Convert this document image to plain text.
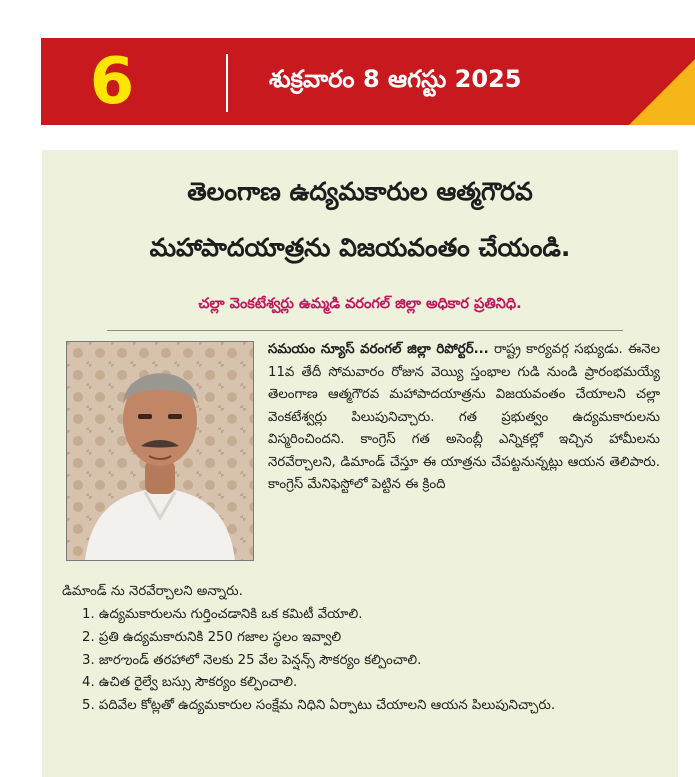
6	శుక్రవారం 8 ఆగస్టు 2025
తెలంగాణ ఉద్యమకారుల ఆత్మగౌరవ
మహాపాదయాత్రను విజయవంతం చేయండి.
చల్లా వెంకటేశ్వర్లు ఉమ్మడి వరంగల్ జిల్లా అధికార ప్రతినిధి.
సమయం న్యూస్ వరంగల్ జిల్లా రిపోర్టర్... రాష్ట్ర కార్యవర్గ సభ్యుడు. ఈనెల 11వ తేదీ సోమవారం రోజున వెయ్యి స్తంభాల గుడి నుండి ప్రారంభమయ్యే తెలంగాణ ఆత్మగౌరవ మహాపాదయాత్రను విజయవంతం చేయాలని చల్లా వెంకటేశ్వర్లు పిలుపునిచ్చారు. గత ప్రభుత్వం ఉద్యమకారులను విస్మరించిందని. కాంగ్రెస్ గత అసెంబ్లీ ఎన్నికల్లో ఇచ్చిన హామీలను నెరవేర్చాలని, డిమాండ్ చేస్తూ ఈ యాత్రను చేపట్టనున్నట్లు ఆయన తెలిపారు. కాంగ్రెస్ మేనిఫెస్టోలో పెట్టిన ఈ క్రింది
డిమాండ్ ను నెరవేర్చాలని అన్నారు.
1. ఉద్యమకారులను గుర్తించడానికి ఒక కమిటీ వేయాలి.
2. ప్రతి ఉద్యమకారునికి 250 గజాల స్థలం ఇవ్వాలి
3. జారఌండ్ తరహాలో నెలకు 25 వేల పెన్షన్స్ సౌకర్యం కల్పించాలి.
4. ఉచిత రైల్వే బస్సు సౌకర్యం కల్పించాలి.
5. పదివేల కోట్లతో ఉద్యమకారుల సంక్షేమ నిధిని ఏర్పాటు చేయాలని ఆయన పిలుపునిచ్చారు.
